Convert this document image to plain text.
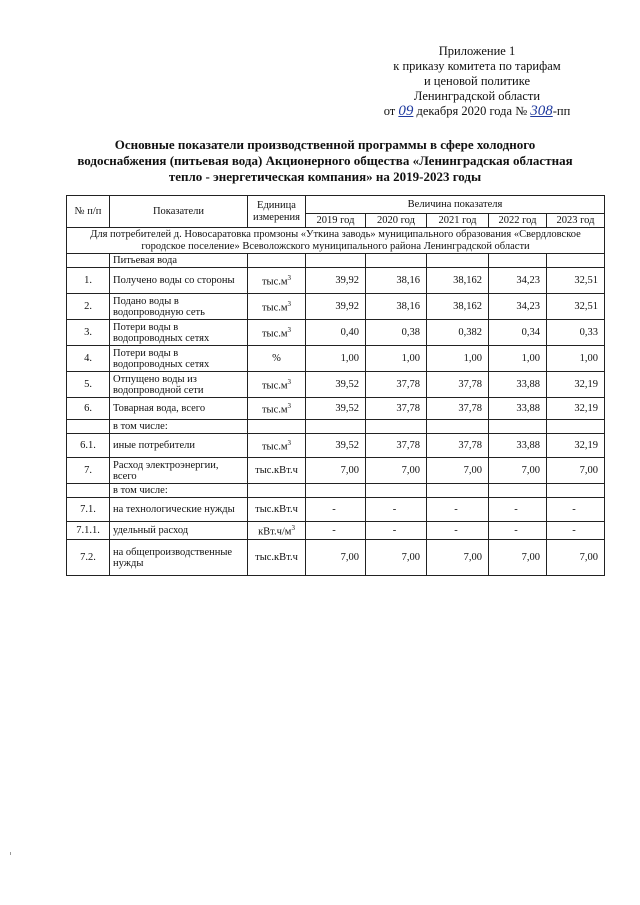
Приложение 1
к приказу комитета по тарифам
и ценовой политике
Ленинградской области
от 09 декабря 2020 года № 308-пп
Основные показатели производственной программы в сфере холодного
водоснабжения (питьевая вода) Акционерного общества «Ленинградская областная
тепло - энергетическая компания» на 2019-2023 годы
№ п/п	Показатели	Единица измерения	Величина показателя				
			2019 год	2020 год	2021 год	2022 год	2023 год
Для потребителей д. Новосаратовка промзоны «Уткина заводь» муниципального образования «Свердловское городское поселение» Всеволожского муниципального района Ленинградской области							
	Питьевая вода						
1.	Получено воды со стороны	$тыс.м^3$	39,92	38,16	38,162	34,23	32,51
2.	Подано воды в водопроводную сеть	$тыс.м^3$	39,92	38,16	38,162	34,23	32,51
3.	Потери воды в водопроводных сетях	$тыс.м^3$	0,40	0,38	0,382	0,34	0,33
4.	Потери воды в водопроводных сетях	%	1,00	1,00	1,00	1,00	1,00
5.	Отпущено воды из водопроводной сети	$тыс.м^3$	39,52	37,78	37,78	33,88	32,19
6.	Товарная вода, всего	$тыс.м^3$	39,52	37,78	37,78	33,88	32,19
	в том числе:						
6.1.	иные потребители	$тыс.м^3$	39,52	37,78	37,78	33,88	32,19
7.	Расход электроэнергии, всего	тыс.кВт.ч	7,00	7,00	7,00	7,00	7,00
	в том числе:						
7.1.	на технологические нужды	тыс.кВт.ч	-	-	-	-	-
7.1.1.	удельный расход	$кВт.ч/м^3$	-	-	-	-	-
7.2.	на общепроизводственные нужды	тыс.кВт.ч	7,00	7,00	7,00	7,00	7,00
